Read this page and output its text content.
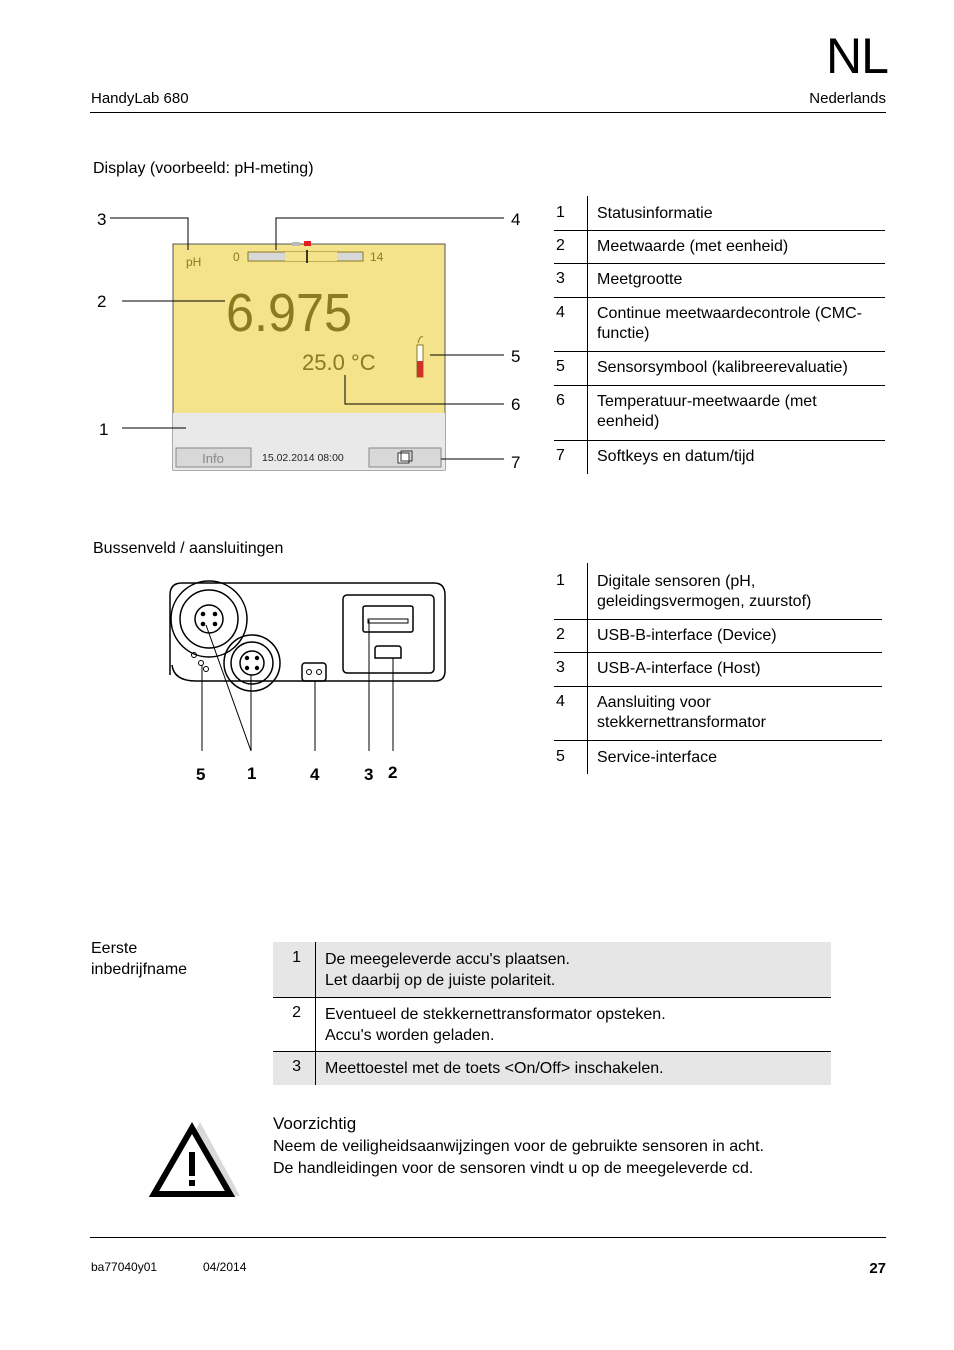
NL
HandyLab 680	Nederlands
Display (voorbeeld: pH-meting)
pH	0	14
6.975
25.0 °C
Info	15.02.2014 08:00
3
2
1
4
5
6
7
1	Statusinformatie
2	Meetwaarde (met eenheid)
3	Meetgrootte
4	Continue meetwaardecontrole (CMC-functie)
5	Sensorsymbool (kalibreerevaluatie)
6	Temperatuur-meetwaarde (met eenheid)
7	Softkeys en datum/tijd
Bussenveld / aansluitingen
5 1	4	3 2
1	Digitale sensoren (pH, geleidingsvermogen, zuurstof)
2	USB-B-interface (Device)
3	USB-A-interface (Host)
4	Aansluiting voor stekkernettransformator
5	Service-interface
Eerste inbedrijfname
1	De meegeleverde accu's plaatsen.
Let daarbij op de juiste polariteit.
2	Eventueel de stekkernettransformator opsteken.
Accu's worden geladen.
3	Meettoestel met de toets <On/Off> inschakelen.
Voorzichtig
Neem de veiligheidsaanwijzingen voor de gebruikte sensoren in acht.
De handleidingen voor de sensoren vindt u op de meegeleverde cd.
ba77040y01	04/2014	27
